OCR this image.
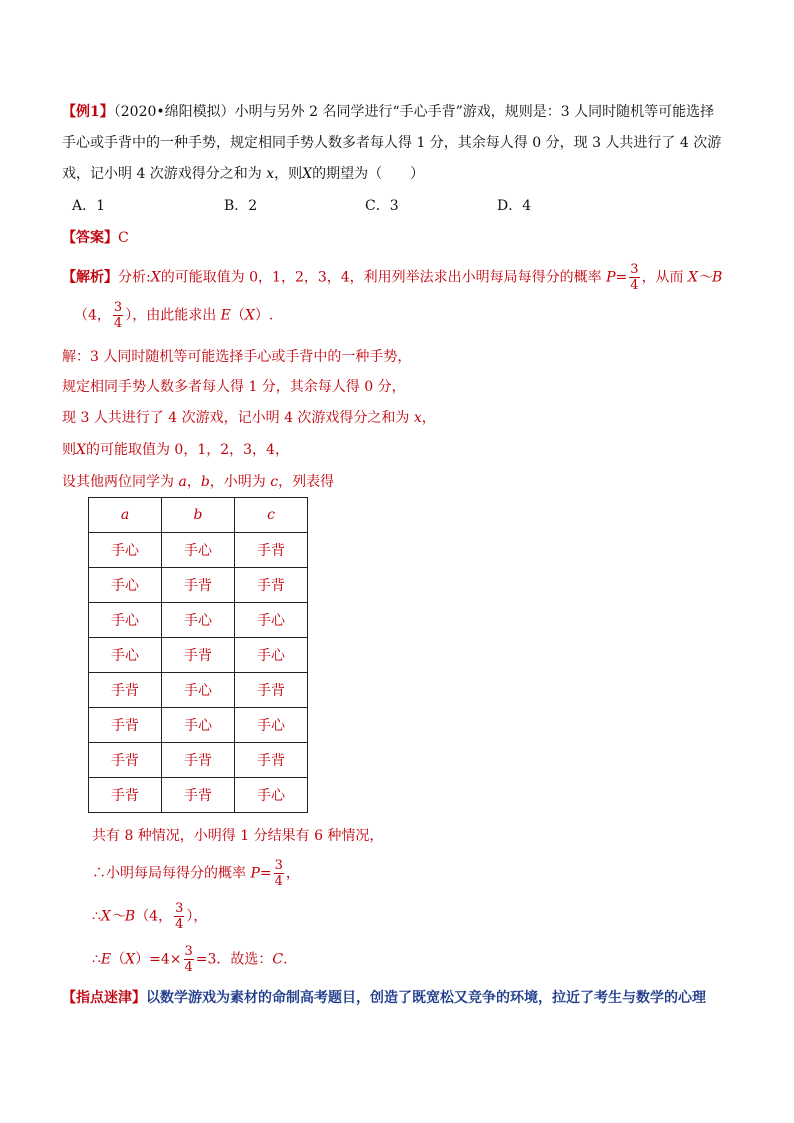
【例1】（2020•绵阳模拟）小明与另外 2 名同学进行“手心手背”游戏，规则是：3 人同时随机等可能选择
手心或手背中的一种手势，规定相同手势人数多者每人得 1 分，其余每人得 0 分，现 3 人共进行了 4 次游
戏，记小明 4 次游戏得分之和为 x，则X的期望为（　　）
A．1	B．2	C．3	D．4
【答案】C
【解析】分析:X的可能取值为 0，1，2，3，4，利用列举法求出小明每局每得分的概率 $P= \frac{3}{4}$ ，从而 X～B
（4， $\frac{3}{4}$ ），由此能求出 E（X）.
解：3 人同时随机等可能选择手心或手背中的一种手势，
规定相同手势人数多者每人得 1 分，其余每人得 0 分，
现 3 人共进行了 4 次游戏，记小明 4 次游戏得分之和为 x，
则X的可能取值为 0，1，2，3，4，
设其他两位同学为 a，b，小明为 c，列表得
a	b	c
手心	手心	手背
手心	手背	手背
手心	手心	手心
手心	手背	手心
手背	手心	手背
手背	手心	手心
手背	手背	手背
手背	手背	手心
共有 8 种情况，小明得 1 分结果有 6 种情况，
∴小明每局每得分的概率 $P= \frac{3}{4}$ ，
∴X～B（4， $\frac{3}{4}$ ），
∴E（X）=4× $\frac{3}{4} =3$．故选：C.
【指点迷津】以数学游戏为素材的命制高考题目，创造了既宽松又竞争的环境，拉近了考生与数学的心理
